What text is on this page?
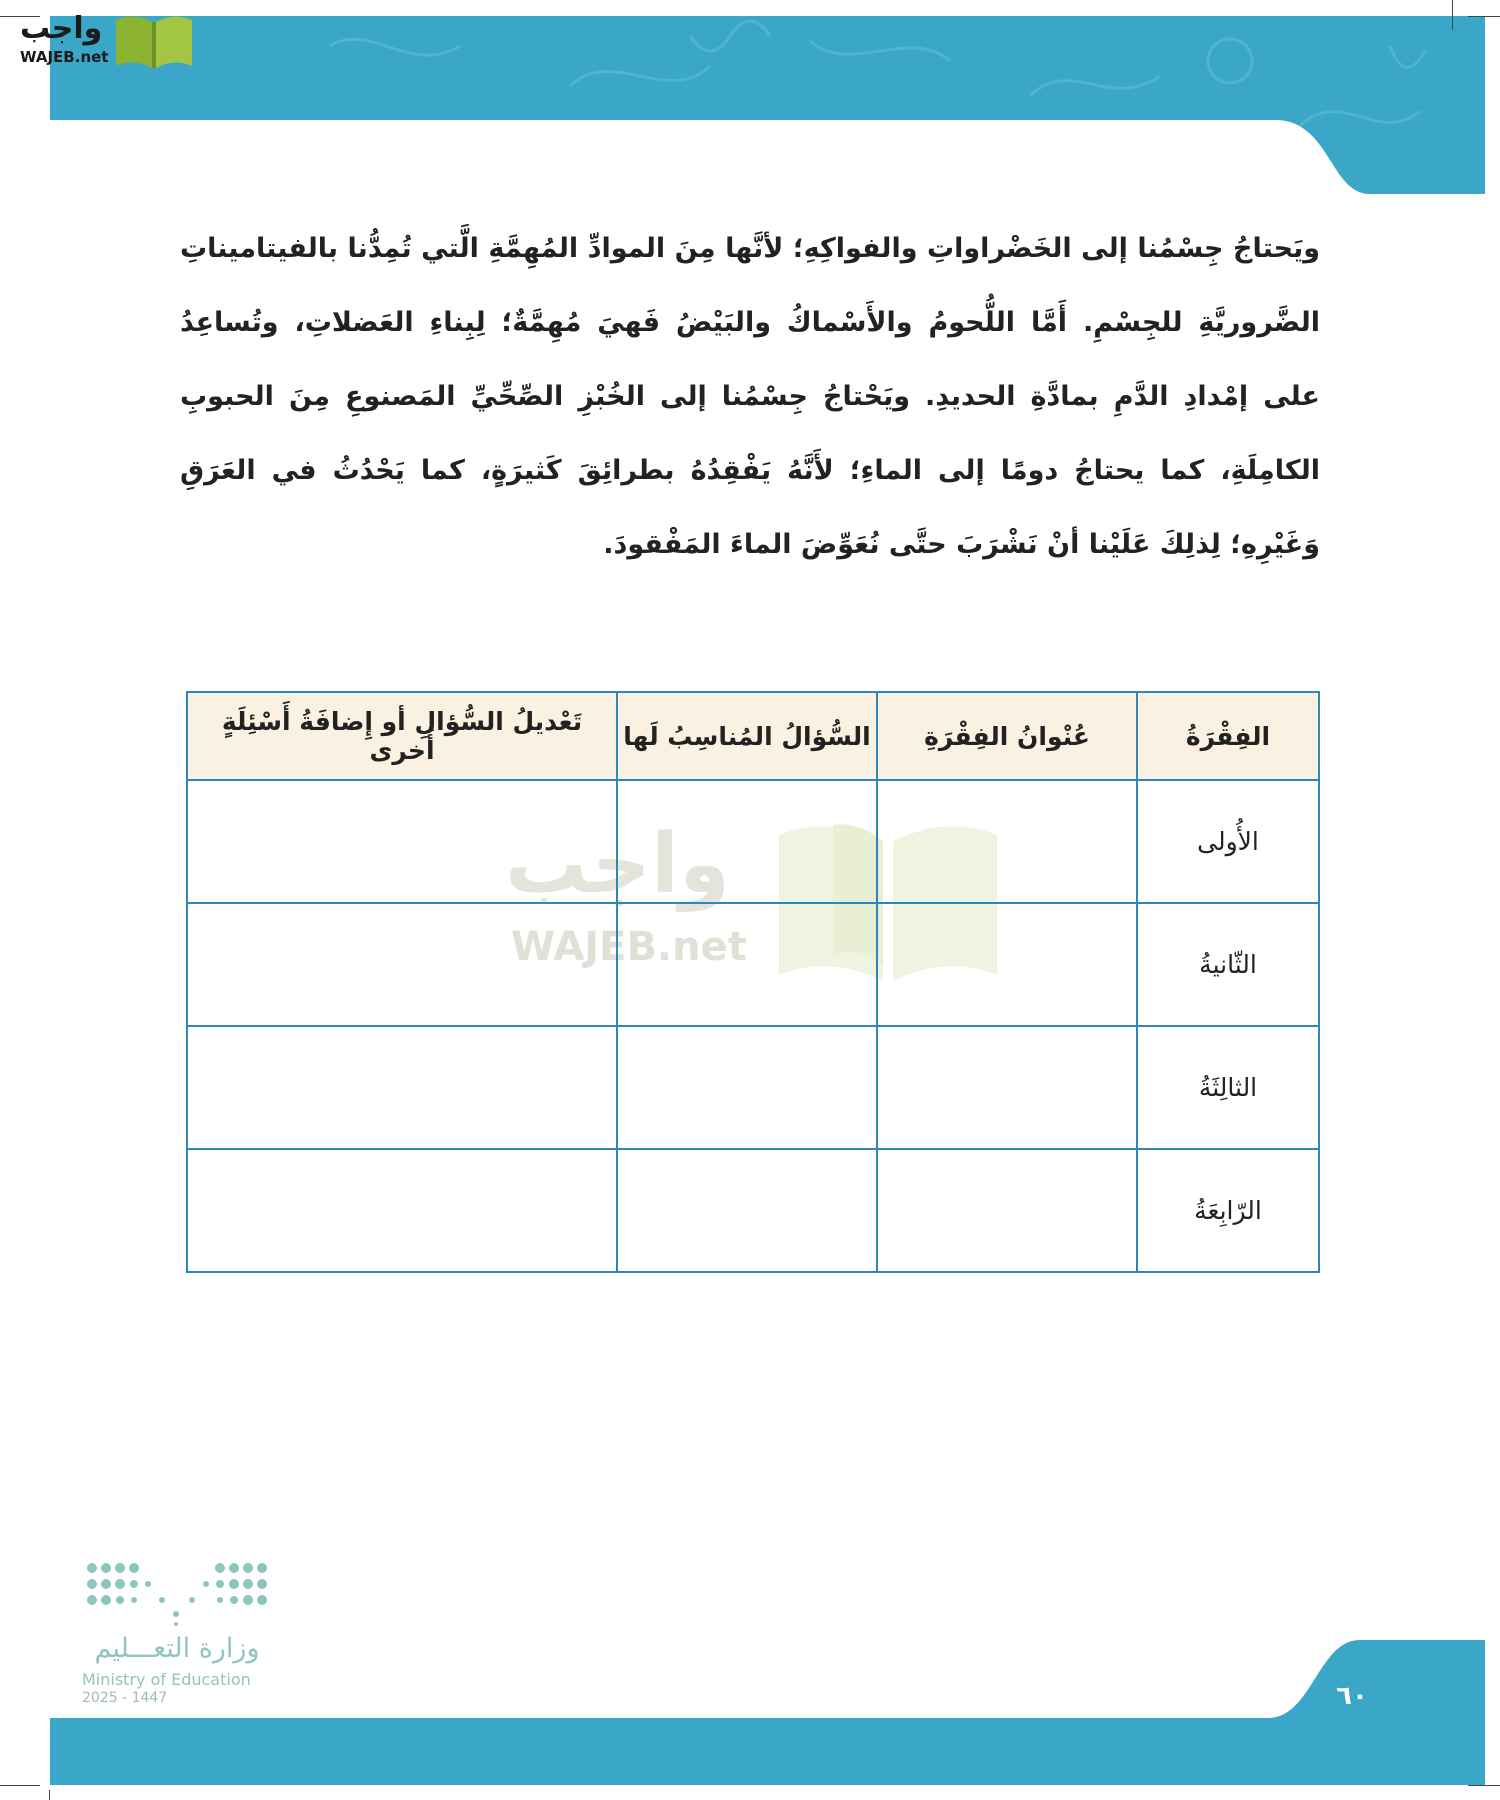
واجب
WAJEB.net

ويَحتاجُ جِسْمُنا إلى الخَضْراواتِ والفواكِهِ؛ لأنَّها مِنَ الموادِّ المُهِمَّةِ الَّتي تُمِدُّنا بالفيتاميناتِ الضَّروريَّةِ للجِسْمِ. أَمَّا اللُّحومُ والأَسْماكُ والبَيْضُ فَهيَ مُهِمَّةٌ؛ لِبِناءِ العَضلاتِ، وتُساعِدُ على إمْدادِ الدَّمِ بمادَّةِ الحديدِ. ويَحْتاجُ جِسْمُنا إلى الخُبْزِ الصِّحِّيِّ المَصنوعِ مِنَ الحبوبِ الكامِلَةِ، كما يحتاجُ دومًا إلى الماءِ؛ لأَنَّهُ يَفْقِدُهُ بطرائِقَ كَثيرَةٍ، كما يَحْدُثُ في العَرَقِ وَغَيْرِهِ؛ لِذلِكَ عَلَيْنا أنْ نَشْرَبَ حتَّى نُعَوِّضَ الماءَ المَفْقودَ.

واجب
WAJEB.net
الفِقْرَةُ	عُنْوانُ الفِقْرَةِ	السُّؤالُ المُناسِبُ لَها	تَعْديلُ السُّؤالِ أو إِضافَةُ أَسْئِلَةٍ أُخرى
الأُولى			
الثّانيةُ			
الثالِثَةُ			
الرّابِعَةُ			
٦٠
وزارة التعـــليم
Ministry of Education
2025 - 1447
